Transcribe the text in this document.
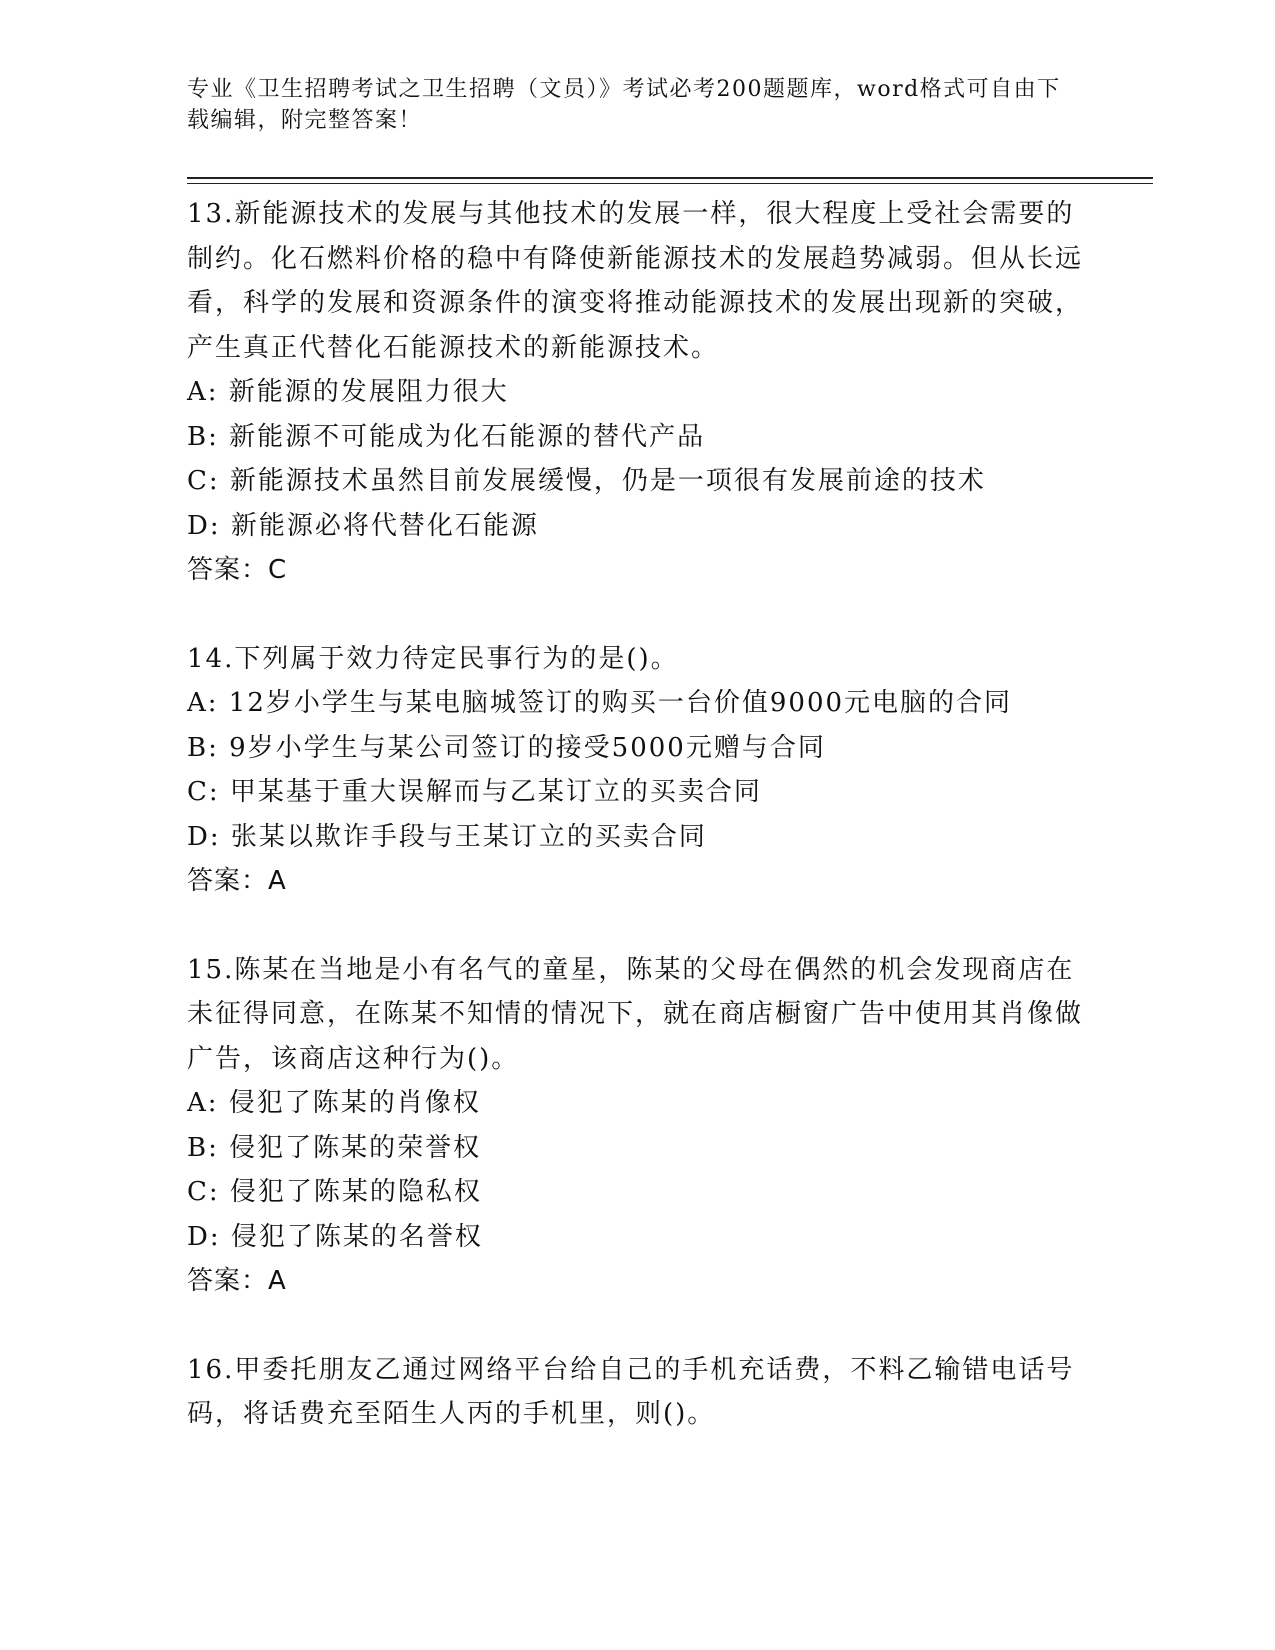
专业《卫生招聘考试之卫生招聘（文员）》考试必考200题题库，word格式可自由下载编辑，附完整答案！
13.新能源技术的发展与其他技术的发展一样，很大程度上受社会需要的制约。化石燃料价格的稳中有降使新能源技术的发展趋势减弱。但从长远看，科学的发展和资源条件的演变将推动能源技术的发展出现新的突破，产生真正代替化石能源技术的新能源技术。
A: 新能源的发展阻力很大
B: 新能源不可能成为化石能源的替代产品
C: 新能源技术虽然目前发展缓慢，仍是一项很有发展前途的技术
D: 新能源必将代替化石能源
答案：C
14.下列属于效力待定民事行为的是()。
A: 12岁小学生与某电脑城签订的购买一台价值9000元电脑的合同
B: 9岁小学生与某公司签订的接受5000元赠与合同
C: 甲某基于重大误解而与乙某订立的买卖合同
D: 张某以欺诈手段与王某订立的买卖合同
答案：A
15.陈某在当地是小有名气的童星，陈某的父母在偶然的机会发现商店在未征得同意，在陈某不知情的情况下，就在商店橱窗广告中使用其肖像做广告，该商店这种行为()。
A: 侵犯了陈某的肖像权
B: 侵犯了陈某的荣誉权
C: 侵犯了陈某的隐私权
D: 侵犯了陈某的名誉权
答案：A
16.甲委托朋友乙通过网络平台给自己的手机充话费，不料乙输错电话号码，将话费充至陌生人丙的手机里，则()。
